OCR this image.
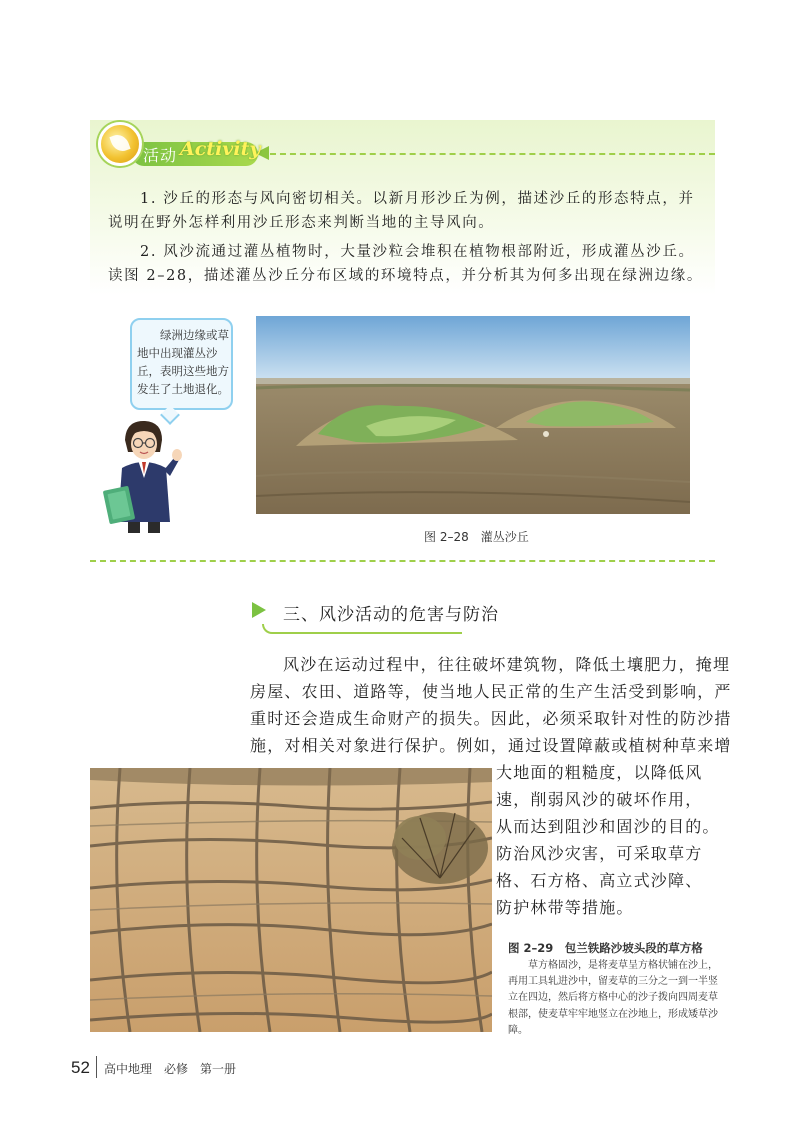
活动 Activity
1. 沙丘的形态与风向密切相关。以新月形沙丘为例，描述沙丘的形态特点，并
说明在野外怎样利用沙丘形态来判断当地的主导风向。
2. 风沙流通过灌丛植物时，大量沙粒会堆积在植物根部附近，形成灌丛沙丘。
读图 2–28，描述灌丛沙丘分布区域的环境特点，并分析其为何多出现在绿洲边缘。
绿洲边缘或草地中出现灌丛沙丘，表明这些地方发生了土地退化。
图 2–28　灌丛沙丘
三、风沙活动的危害与防治
风沙在运动过程中，往往破坏建筑物，降低土壤肥力，掩埋
房屋、农田、道路等，使当地人民正常的生产生活受到影响，严
重时还会造成生命财产的损失。因此，必须采取针对性的防沙措
施，对相关对象进行保护。例如，通过设置障蔽或植树种草来增
大地面的粗糙度，以降低风
速，削弱风沙的破坏作用，
从而达到阻沙和固沙的目的。
防治风沙灾害，可采取草方
格、石方格、高立式沙障、
防护林带等措施。
图 2–29　包兰铁路沙坡头段的草方格
草方格固沙，是将麦草呈方格状铺在沙上，再用工具轧进沙中，留麦草的三分之一到一半竖立在四边，然后将方格中心的沙子拨向四周麦草根部，使麦草牢牢地竖立在沙地上，形成矮草沙障。
52 高中地理　必修　第一册
